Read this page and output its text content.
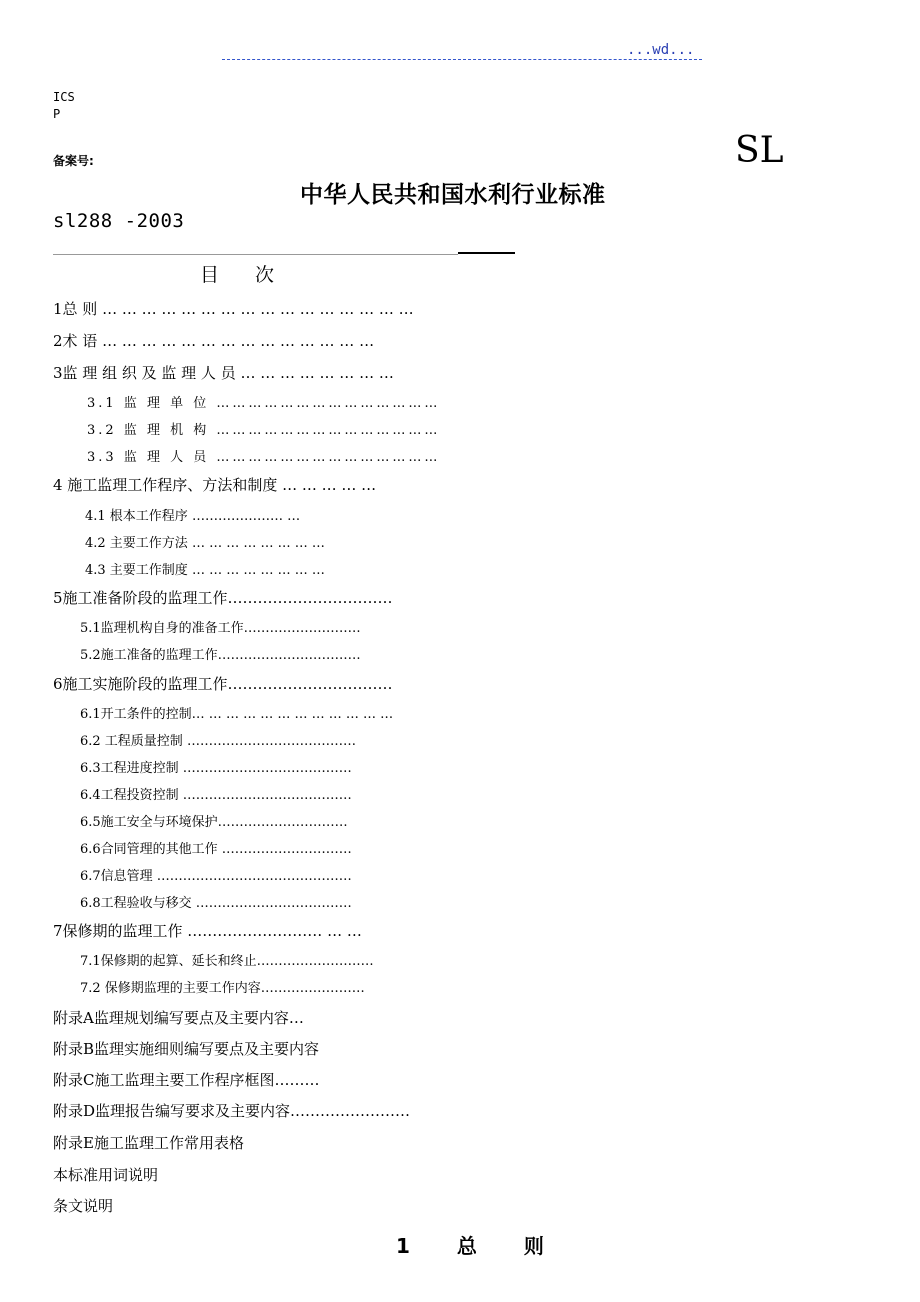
...wd...
ICS
P
备案号:	SL
中华人民共和国水利行业标准
sl288 -2003
目 次
1总 则 … … … … … … … … … … … … … … … …
2术 语 … … … … … … … … … … … … … …
3监 理 组 织 及 监 理 人 员 … … … … … … … …
3.1 监 理 单 位 ……………………………………
3.2 监 理 机 构 ……………………………………
3.3 监 理 人 员 ……………………………………
4 施工监理工作程序、方法和制度 … … … … …
4.1 根本工作程序 ………………… …
4.2 主要工作方法 … … … … … … … …
4.3 主要工作制度 … … … … … … … …
5施工准备阶段的监理工作……………………………
5.1监理机构自身的准备工作………………………
5.2施工准备的监理工作……………………………
6施工实施阶段的监理工作……………………………
6.1开工条件的控制… … … … … … … … … … … …
6.2 工程质量控制 …………………………………
6.3工程进度控制 …………………………………
6.4工程投资控制 …………………………………
6.5施工安全与环境保护…………………………
6.6合同管理的其他工作 …………………………
6.7信息管理 ………………………………………
6.8工程验收与移交 ………………………………
7保修期的监理工作 ……………………… … …
7.1保修期的起算、延长和终止………………………
7.2 保修期监理的主要工作内容……………………
附录A监理规划编写要点及主要内容…
附录B监理实施细则编写要点及主要内容
附录C施工监理主要工作程序框图………
附录D监理报告编写要求及主要内容……………………
附录E施工监理工作常用表格
本标准用词说明
条文说明
1 总 则
